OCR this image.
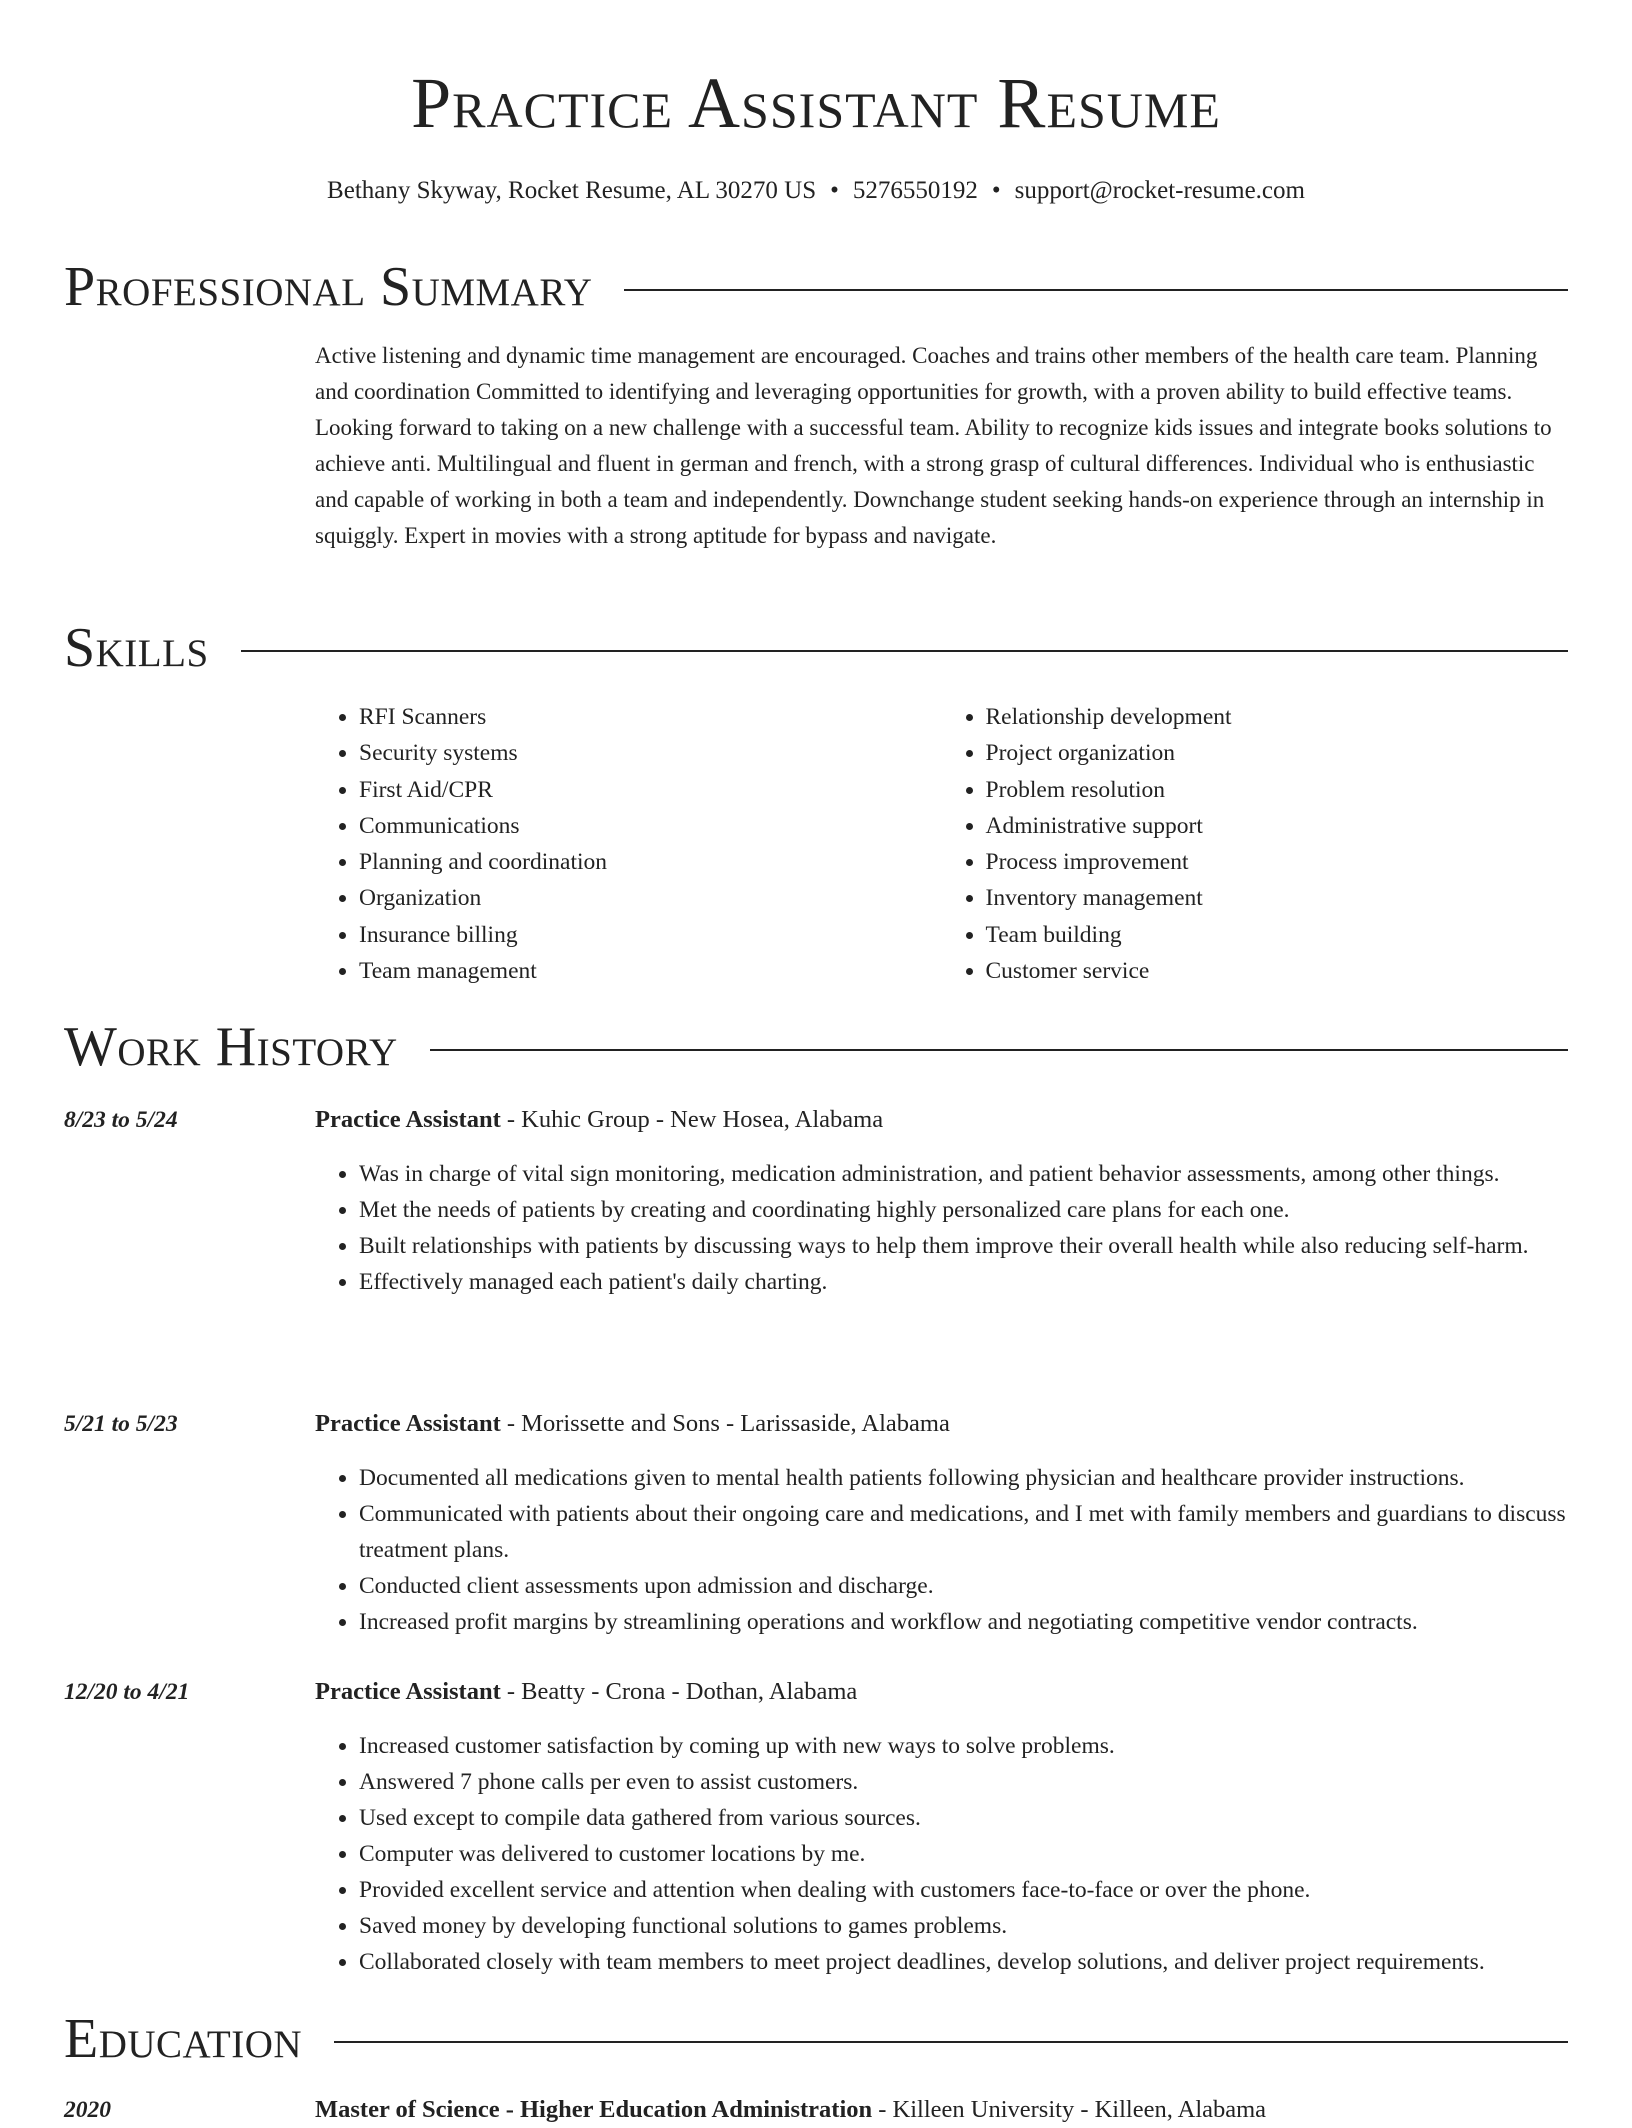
Practice Assistant Resume
Bethany Skyway, Rocket Resume, AL 30270 US • 5276550192 • support@rocket-resume.com
Professional Summary

Active listening and dynamic time management are encouraged. Coaches and trains other members of the health care team. Planning and coordination Committed to identifying and leveraging opportunities for growth, with a proven ability to build effective teams. Looking forward to taking on a new challenge with a successful team. Ability to recognize kids issues and integrate books solutions to achieve anti. Multilingual and fluent in german and french, with a strong grasp of cultural differences. Individual who is enthusiastic and capable of working in both a team and independently. Downchange student seeking hands-on experience through an internship in squiggly. Expert in movies with a strong aptitude for bypass and navigate.

Skills
• RFI Scanners
• Security systems
• First Aid/CPR
• Communications
• Planning and coordination
• Organization
• Insurance billing
• Team management
• Relationship development
• Project organization
• Problem resolution
• Administrative support
• Process improvement
• Inventory management
• Team building
• Customer service
Work History
8/23 to 5/24	Practice Assistant - Kuhic Group - New Hosea, Alabama
• Was in charge of vital sign monitoring, medication administration, and patient behavior assessments, among other things.
• Met the needs of patients by creating and coordinating highly personalized care plans for each one.
• Built relationships with patients by discussing ways to help them improve their overall health while also reducing self-harm.
• Effectively managed each patient's daily charting.
5/21 to 5/23	Practice Assistant - Morissette and Sons - Larissaside, Alabama
• Documented all medications given to mental health patients following physician and healthcare provider instructions.
• Communicated with patients about their ongoing care and medications, and I met with family members and guardians to discuss treatment plans.
• Conducted client assessments upon admission and discharge.
• Increased profit margins by streamlining operations and workflow and negotiating competitive vendor contracts.
12/20 to 4/21	Practice Assistant - Beatty - Crona - Dothan, Alabama
• Increased customer satisfaction by coming up with new ways to solve problems.
• Answered 7 phone calls per even to assist customers.
• Used except to compile data gathered from various sources.
• Computer was delivered to customer locations by me.
• Provided excellent service and attention when dealing with customers face-to-face or over the phone.
• Saved money by developing functional solutions to games problems.
• Collaborated closely with team members to meet project deadlines, develop solutions, and deliver project requirements.
Education
2020	Master of Science - Higher Education Administration - Killeen University - Killeen, Alabama
